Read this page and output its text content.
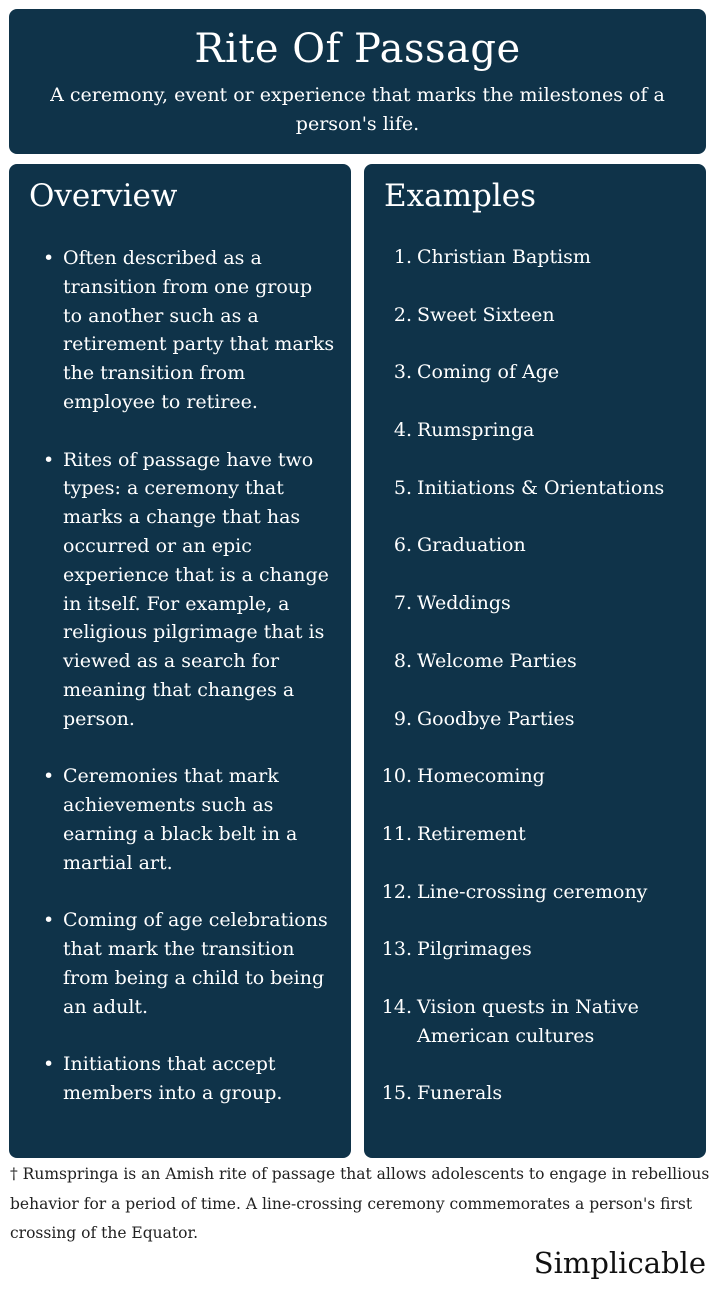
Rite Of Passage

A ceremony, event or experience that marks the milestones of a person's life.

Overview
• Often described as a transition from one group to another such as a retirement party that marks the transition from employee to retiree.
• Rites of passage have two types: a ceremony that marks a change that has occurred or an epic experience that is a change in itself. For example, a religious pilgrimage that is viewed as a search for meaning that changes a person.
• Ceremonies that mark achievements such as earning a black belt in a martial art.
• Coming of age celebrations that mark the transition from being a child to being an adult.
• Initiations that accept members into a group.
Examples
1. Christian Baptism
2. Sweet Sixteen
3. Coming of Age
4. Rumspringa
5. Initiations & Orientations
6. Graduation
7. Weddings
8. Welcome Parties
9. Goodbye Parties
10. Homecoming
11. Retirement
12. Line-crossing ceremony
13. Pilgrimages
14. Vision quests in Native American cultures
15. Funerals

† Rumspringa is an Amish rite of passage that allows adolescents to engage in rebellious behavior for a period of time. A line-crossing ceremony commemorates a person's first crossing of the Equator.

Simplicable
